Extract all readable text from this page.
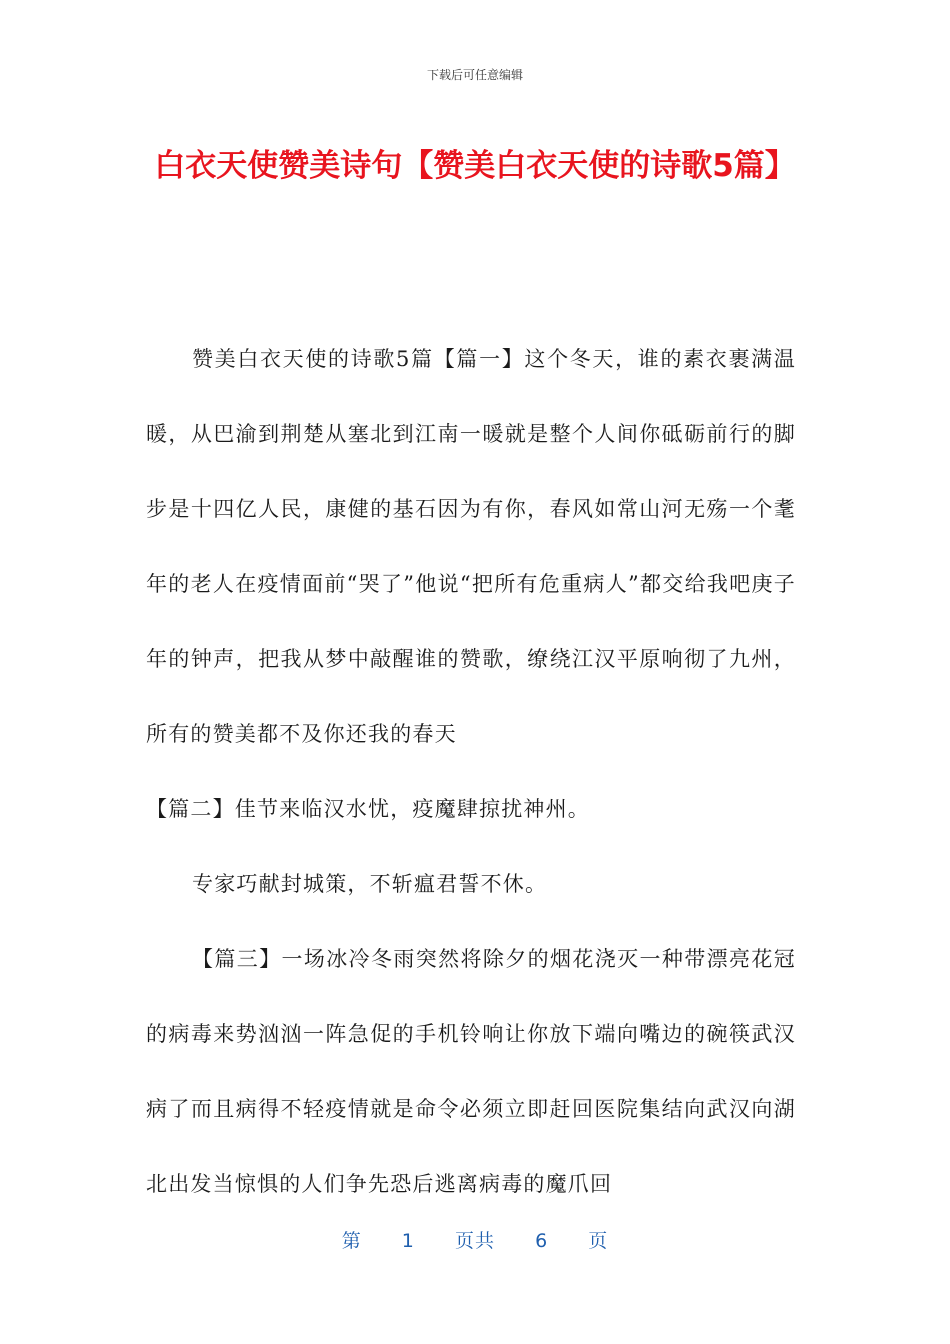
下载后可任意编辑
白衣天使赞美诗句【赞美白衣天使的诗歌5篇】

赞美白衣天使的诗歌5篇【篇一】这个冬天，谁的素衣裹满温暖，从巴渝到荆楚从塞北到江南一暖就是整个人间你砥砺前行的脚步是十四亿人民，康健的基石因为有你，春风如常山河无殇一个耄年的老人在疫情面前“哭了”他说“把所有危重病人”都交给我吧庚子年的钟声，把我从梦中敲醒谁的赞歌，缭绕江汉平原响彻了九州，所有的赞美都不及你还我的春天

【篇二】佳节来临汉水忧，疫魔肆掠扰神州。

专家巧献封城策，不斩瘟君誓不休。

【篇三】一场冰冷冬雨突然将除夕的烟花浇灭一种带漂亮花冠的病毒来势汹汹一阵急促的手机铃响让你放下端向嘴边的碗筷武汉病了而且病得不轻疫情就是命令必须立即赶回医院集结向武汉向湖北出发当惊惧的人们争先恐后逃离病毒的魔爪回

第 1 页共 6 页
